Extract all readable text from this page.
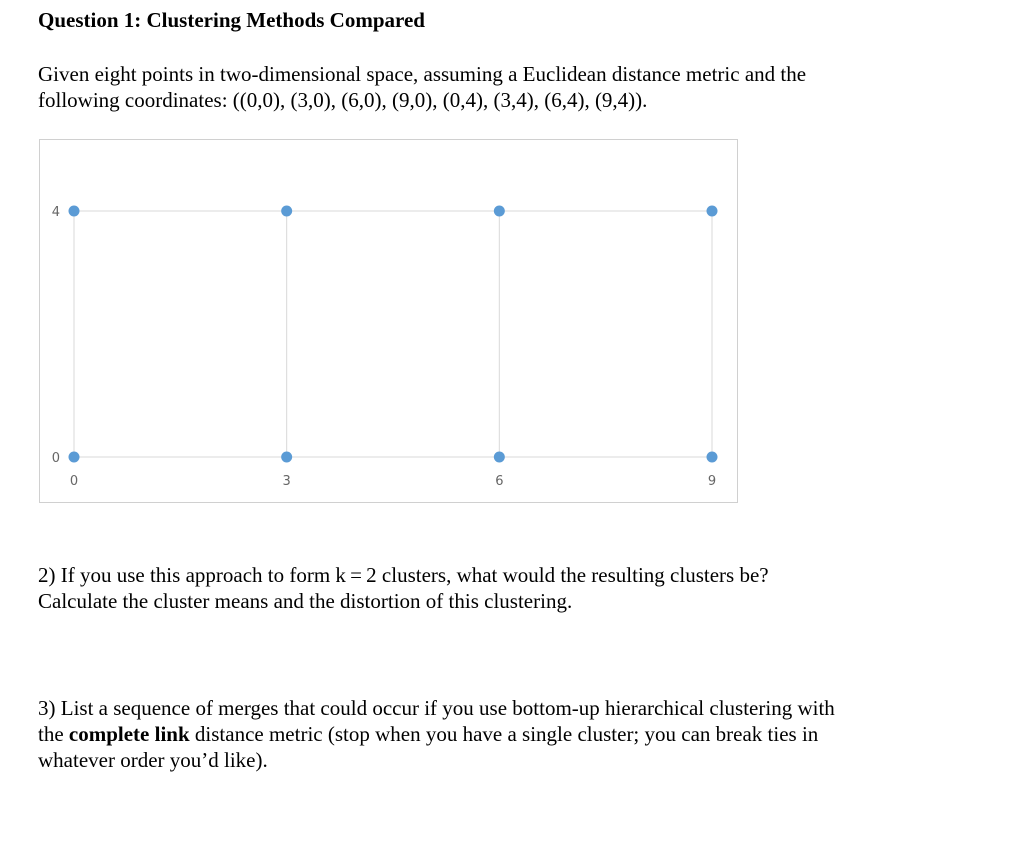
Question 1: Clustering Methods Compared

Given eight points in two-dimensional space, assuming a Euclidean distance metric and the
following coordinates: ((0,0), (3,0), (6,0), (9,0), (0,4), (3,4), (6,4), (9,4)).

0
4
0	3	6	9

2) If you use this approach to form k = 2 clusters, what would the resulting clusters be?
Calculate the cluster means and the distortion of this clustering.

3) List a sequence of merges that could occur if you use bottom-up hierarchical clustering with
the complete link distance metric (stop when you have a single cluster; you can break ties in
whatever order you’d like).
